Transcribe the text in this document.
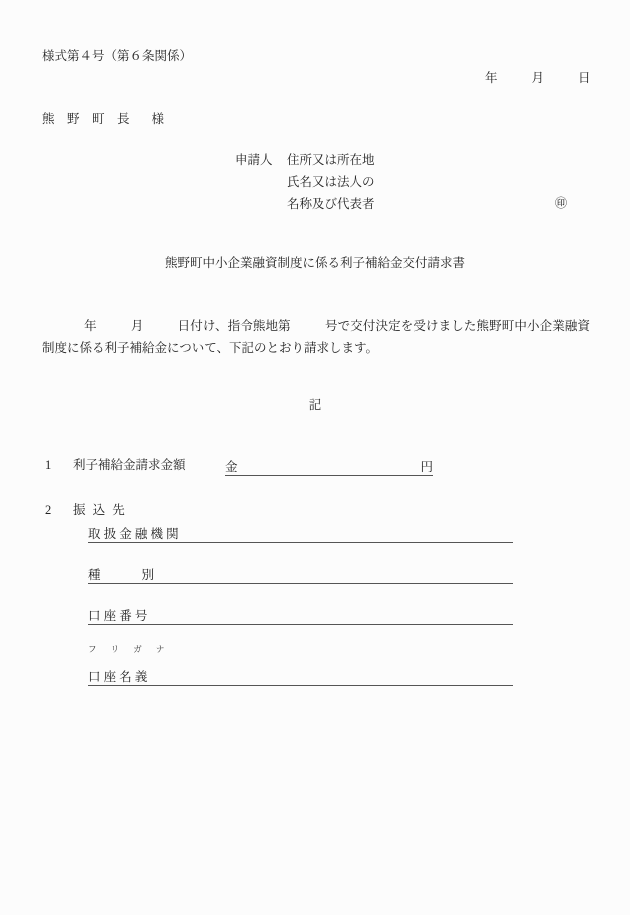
様式第４号（第６条関係）
年	月	日
熊　野　町　長 様
申請人 住所又は所在地
氏名又は法人の
名称及び代表者	㊞
熊野町中小企業融資制度に係る利子補給金交付請求書
年	月	日付け、指令熊地第	号で交付決定を受けました熊野町中小企業融資制度に係る利子補給金について、下記のとおり請求します。
記
1 利子補給金請求金額	金	円
2 振 込 先
取 扱 金 融 機 関
種	別
口 座 番 号
フ リ ガ ナ
口 座 名 義
